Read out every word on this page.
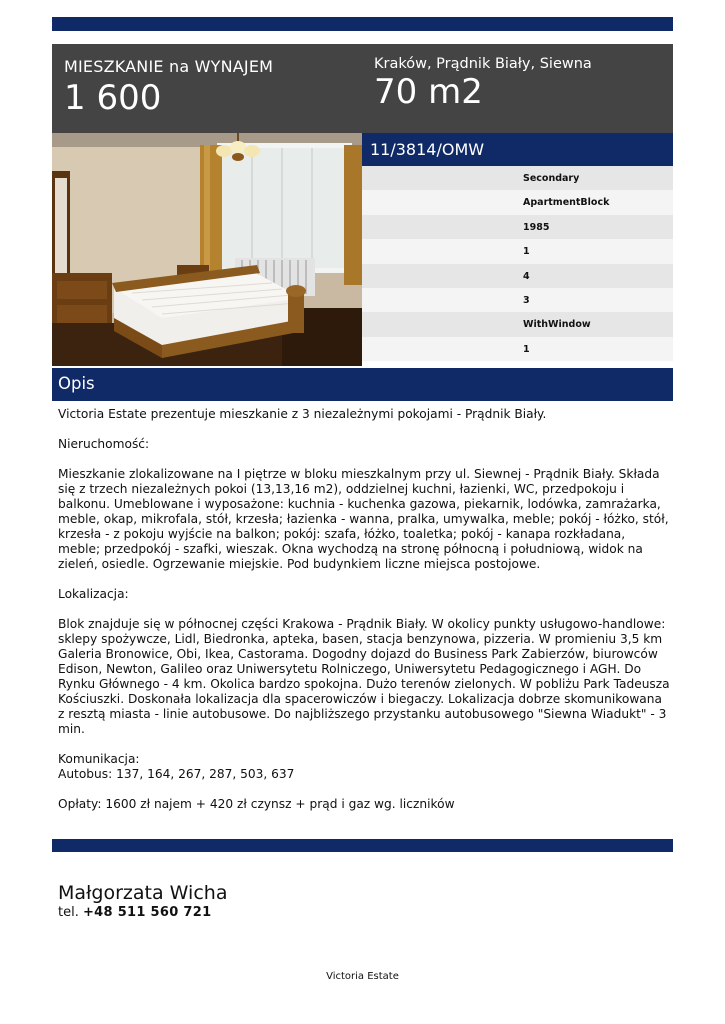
MIESZKANIE na WYNAJEM
1 600
Kraków, Prądnik Biały, Siewna
70 m2
11/3814/OMW
Secondary
ApartmentBlock
1985
1
4
3
WithWindow
1
Opis

Victoria Estate prezentuje mieszkanie z 3 niezależnymi pokojami - Prądnik Biały.

Nieruchomość:

Mieszkanie zlokalizowane na I piętrze w bloku mieszkalnym przy ul. Siewnej - Prądnik Biały. Składa się z trzech niezależnych pokoi (13,13,16 m2), oddzielnej kuchni, łazienki, WC, przedpokoju i balkonu. Umeblowane i wyposażone: kuchnia - kuchenka gazowa, piekarnik, lodówka, zamrażarka, meble, okap, mikrofala, stół, krzesła; łazienka - wanna, pralka, umywalka, meble; pokój - łóżko, stół, krzesła - z pokoju wyjście na balkon; pokój: szafa, łóżko, toaletka; pokój - kanapa rozkładana, meble; przedpokój - szafki, wieszak. Okna wychodzą na stronę północną i południową, widok na zieleń, osiedle. Ogrzewanie miejskie. Pod budynkiem liczne miejsca postojowe.

Lokalizacja:

Blok znajduje się w północnej części Krakowa - Prądnik Biały. W okolicy punkty usługowo-handlowe: sklepy spożywcze, Lidl, Biedronka, apteka, basen, stacja benzynowa, pizzeria. W promieniu 3,5 km Galeria Bronowice, Obi, Ikea, Castorama. Dogodny dojazd do Business Park Zabierzów, biurowców Edison, Newton, Galileo oraz Uniwersytetu Rolniczego, Uniwersytetu Pedagogicznego i AGH. Do Rynku Głównego - 4 km. Okolica bardzo spokojna. Dużo terenów zielonych. W pobliżu Park Tadeusza Kościuszki. Doskonała lokalizacja dla spacerowiczów i biegaczy. Lokalizacja dobrze skomunikowana z resztą miasta - linie autobusowe. Do najbliższego przystanku autobusowego "Siewna Wiadukt" - 3 min.

Komunikacja:
Autobus: 137, 164, 267, 287, 503, 637

Opłaty: 1600 zł najem + 420 zł czynsz + prąd i gaz wg. liczników

Małgorzata Wicha
tel. +48 511 560 721
Victoria Estate
